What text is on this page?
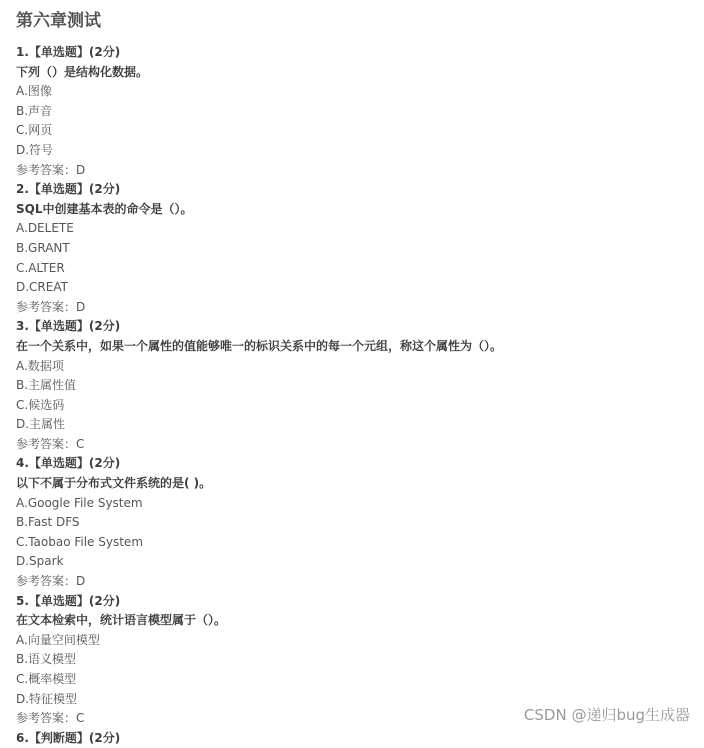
第六章测试
1.【单选题】(2分)
下列（）是结构化数据。
A.图像
B.声音
C.网页
D.符号
参考答案：D
2.【单选题】(2分)
SQL中创建基本表的命令是（）。
A.DELETE
B.GRANT
C.ALTER
D.CREAT
参考答案：D
3.【单选题】(2分)
在一个关系中，如果一个属性的值能够唯一的标识关系中的每一个元组，称这个属性为（）。
A.数据项
B.主属性值
C.候选码
D.主属性
参考答案：C
4.【单选题】(2分)
以下不属于分布式文件系统的是( )。
A.Google File System
B.Fast DFS
C.Taobao File System
D.Spark
参考答案：D
5.【单选题】(2分)
在文本检索中，统计语言模型属于（）。
A.向量空间模型
B.语义模型
C.概率模型
D.特征模型
参考答案：C
6.【判断题】(2分)
CSDN @递归bug生成器
